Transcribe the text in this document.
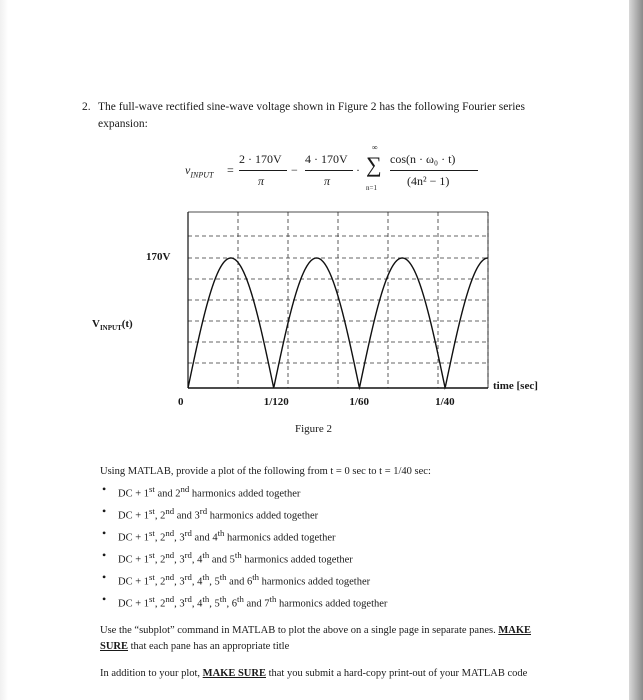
2. The full-wave rectified sine-wave voltage shown in Figure 2 has the following Fourier series expansion:
$v_{INPUT}$ =
2 · 170V
π
−
4 · 170V
π
·
∞
∑
n=1
cos(n · ω₀ · t)
(4n² − 1)
170V
$V_{INPUT}(t)$
time [sec]
0	1/120	1/60	1/40
Figure 2
Using MATLAB, provide a plot of the following from t = 0 sec to t = 1/40 sec:
• DC + 1st and 2nd harmonics added together
• DC + 1st, 2nd and 3rd harmonics added together
• DC + 1st, 2nd, 3rd and 4th harmonics added together
• DC + 1st, 2nd, 3rd, 4th and 5th harmonics added together
• DC + 1st, 2nd, 3rd, 4th, 5th and 6th harmonics added together
• DC + 1st, 2nd, 3rd, 4th, 5th, 6th and 7th harmonics added together
Use the “subplot” command in MATLAB to plot the above on a single page in separate panes. MAKE SURE that each pane has an appropriate title
In addition to your plot, MAKE SURE that you submit a hard-copy print-out of your MATLAB code
